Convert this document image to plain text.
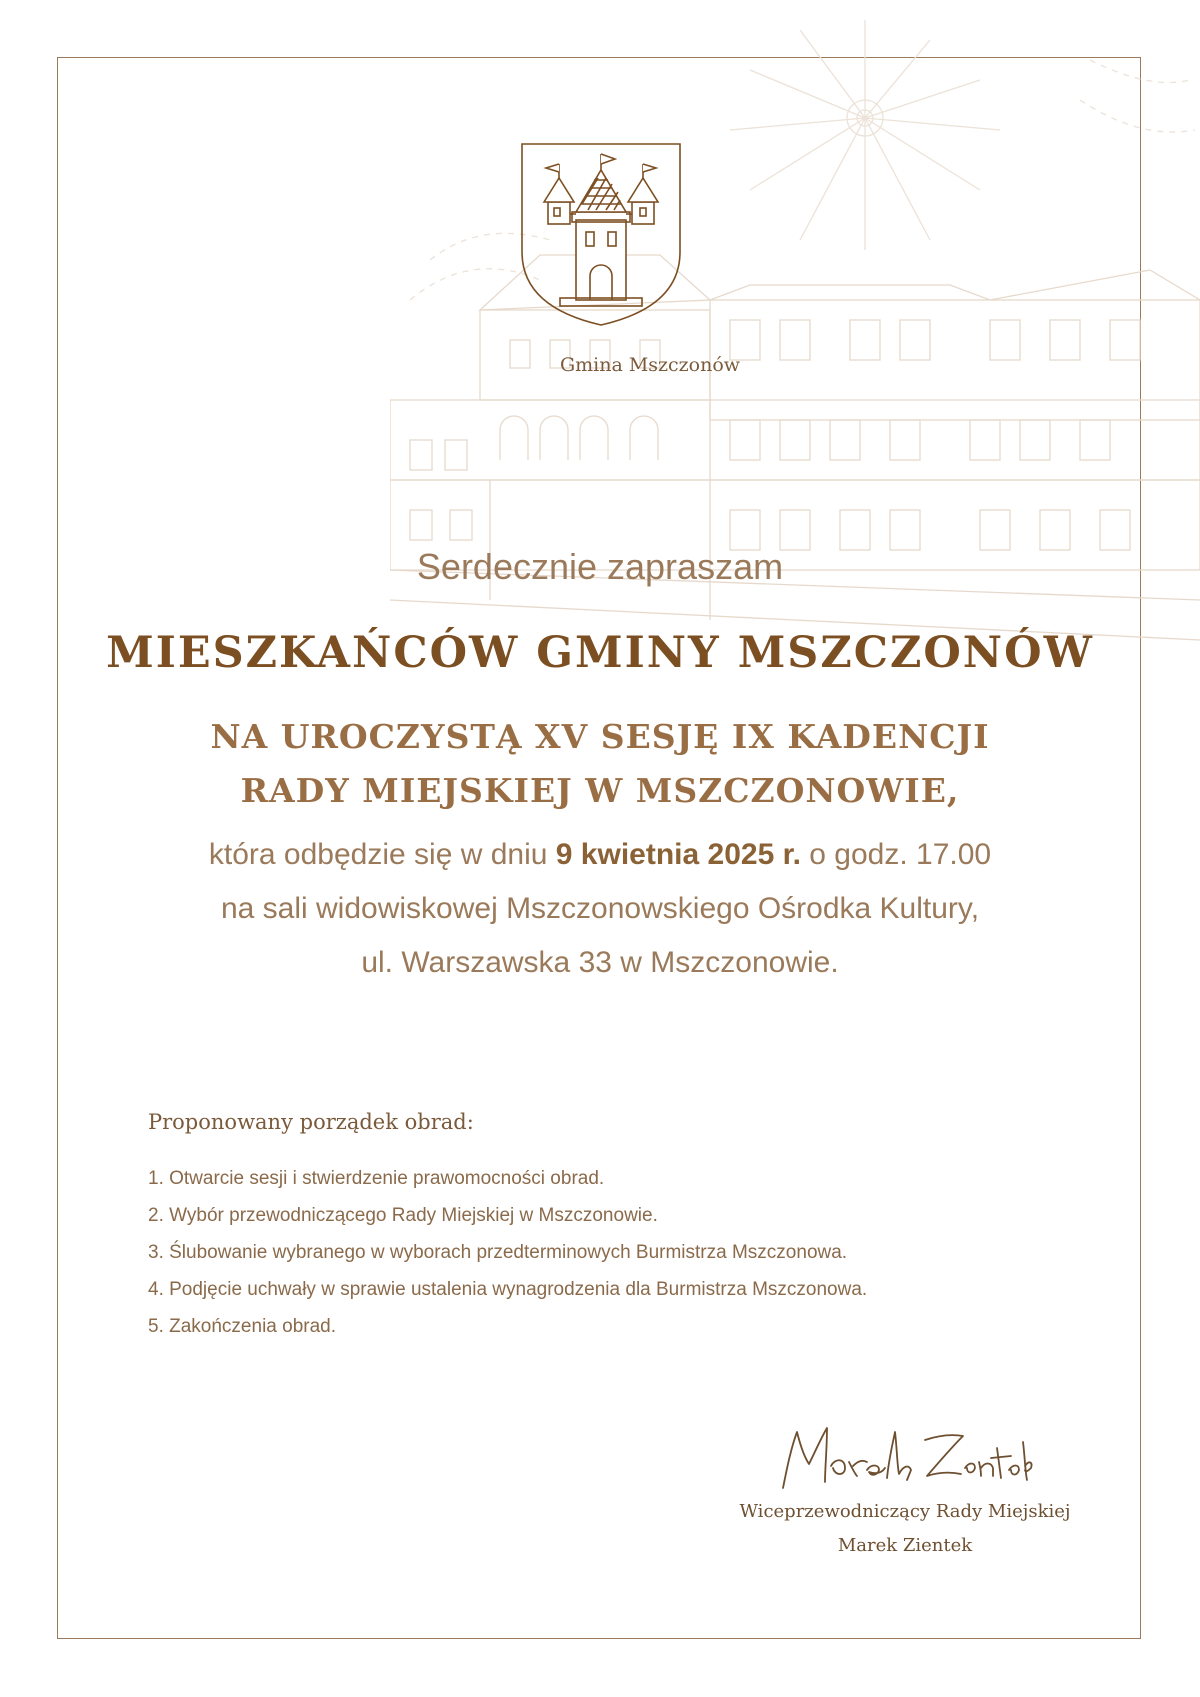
Gmina Mszczonów
Serdecznie zapraszam
MIESZKAŃCÓW GMINY MSZCZONÓW
NA UROCZYSTĄ XV SESJĘ IX KADENCJI
RADY MIEJSKIEJ W MSZCZONOWIE,
która odbędzie się w dniu 9 kwietnia 2025 r. o godz. 17.00
na sali widowiskowej Mszczonowskiego Ośrodka Kultury,
ul. Warszawska 33 w Mszczonowie.
Proponowany porządek obrad:
1. Otwarcie sesji i stwierdzenie prawomocności obrad.
2. Wybór przewodniczącego Rady Miejskiej w Mszczonowie.
3. Ślubowanie wybranego w wyborach przedterminowych Burmistrza Mszczonowa.
4. Podjęcie uchwały w sprawie ustalenia wynagrodzenia dla Burmistrza Mszczonowa.
5. Zakończenia obrad.
Wiceprzewodniczący Rady Miejskiej
Marek Zientek
